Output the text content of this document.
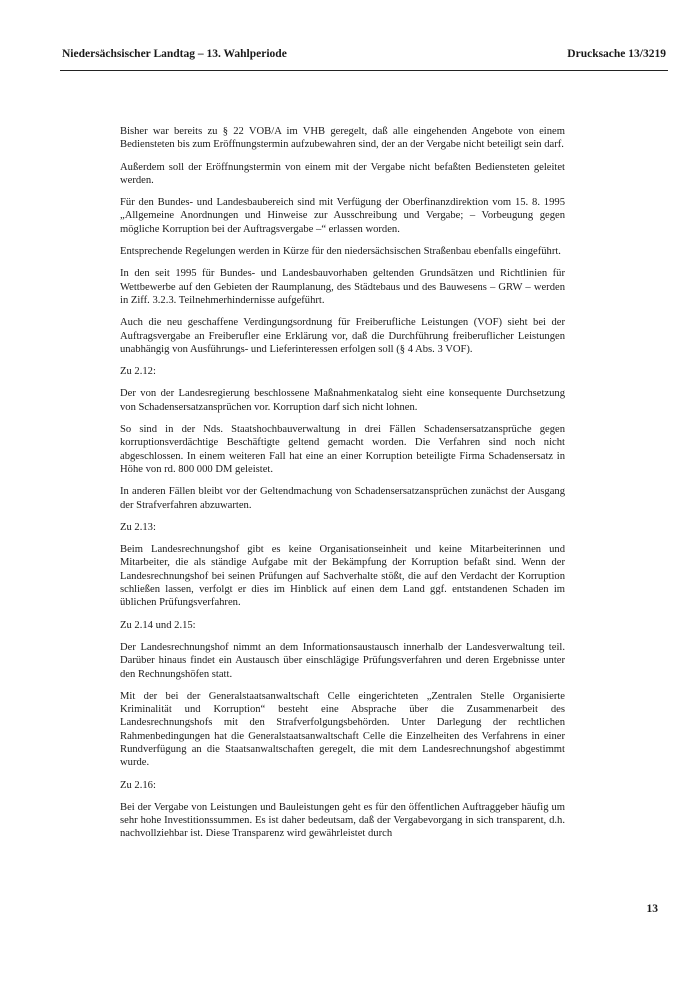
Niedersächsischer Landtag – 13. Wahlperiode	Drucksache 13/3219

Bisher war bereits zu § 22 VOB/A im VHB geregelt, daß alle eingehenden Angebote von einem Bediensteten bis zum Eröffnungstermin aufzubewahren sind, der an der Vergabe nicht beteiligt sein darf.

Außerdem soll der Eröffnungstermin von einem mit der Vergabe nicht befaßten Bediensteten geleitet werden.

Für den Bundes- und Landesbaubereich sind mit Verfügung der Oberfinanzdirektion vom 15. 8. 1995 „Allgemeine Anordnungen und Hinweise zur Ausschreibung und Vergabe; – Vorbeugung gegen mögliche Korruption bei der Auftragsvergabe –“ erlassen worden.

Entsprechende Regelungen werden in Kürze für den niedersächsischen Straßenbau ebenfalls eingeführt.

In den seit 1995 für Bundes- und Landesbauvorhaben geltenden Grundsätzen und Richtlinien für Wettbewerbe auf den Gebieten der Raumplanung, des Städtebaus und des Bauwesens – GRW – werden in Ziff. 3.2.3. Teilnehmerhindernisse aufgeführt.

Auch die neu geschaffene Verdingungsordnung für Freiberufliche Leistungen (VOF) sieht bei der Auftragsvergabe an Freiberufler eine Erklärung vor, daß die Durchführung freiberuflicher Leistungen unabhängig von Ausführungs- und Lieferinteressen erfolgen soll (§ 4 Abs. 3 VOF).

Zu 2.12:

Der von der Landesregierung beschlossene Maßnahmenkatalog sieht eine konsequente Durchsetzung von Schadensersatzansprüchen vor. Korruption darf sich nicht lohnen.

So sind in der Nds. Staatshochbauverwaltung in drei Fällen Schadensersatzansprüche gegen korruptionsverdächtige Beschäftigte geltend gemacht worden. Die Verfahren sind noch nicht abgeschlossen. In einem weiteren Fall hat eine an einer Korruption beteiligte Firma Schadensersatz in Höhe von rd. 800 000 DM geleistet.

In anderen Fällen bleibt vor der Geltendmachung von Schadensersatzansprüchen zunächst der Ausgang der Strafverfahren abzuwarten.

Zu 2.13:

Beim Landesrechnungshof gibt es keine Organisationseinheit und keine Mitarbeiterinnen und Mitarbeiter, die als ständige Aufgabe mit der Bekämpfung der Korruption befaßt sind. Wenn der Landesrechnungshof bei seinen Prüfungen auf Sachverhalte stößt, die auf den Verdacht der Korruption schließen lassen, verfolgt er dies im Hinblick auf einen dem Land ggf. entstandenen Schaden im üblichen Prüfungsverfahren.

Zu 2.14 und 2.15:

Der Landesrechnungshof nimmt an dem Informationsaustausch innerhalb der Landesverwaltung teil. Darüber hinaus findet ein Austausch über einschlägige Prüfungsverfahren und deren Ergebnisse unter den Rechnungshöfen statt.

Mit der bei der Generalstaatsanwaltschaft Celle eingerichteten „Zentralen Stelle Organisierte Kriminalität und Korruption“ besteht eine Absprache über die Zusammenarbeit des Landesrechnungshofs mit den Strafverfolgungsbehörden. Unter Darlegung der rechtlichen Rahmenbedingungen hat die Generalstaatsanwaltschaft Celle die Einzelheiten des Verfahrens in einer Rundverfügung an die Staatsanwaltschaften geregelt, die mit dem Landesrechnungshof abgestimmt wurde.

Zu 2.16:

Bei der Vergabe von Leistungen und Bauleistungen geht es für den öffentlichen Auftraggeber häufig um sehr hohe Investitionssummen. Es ist daher bedeutsam, daß der Vergabevorgang in sich transparent, d.h. nachvollziehbar ist. Diese Transparenz wird gewährleistet durch

13
